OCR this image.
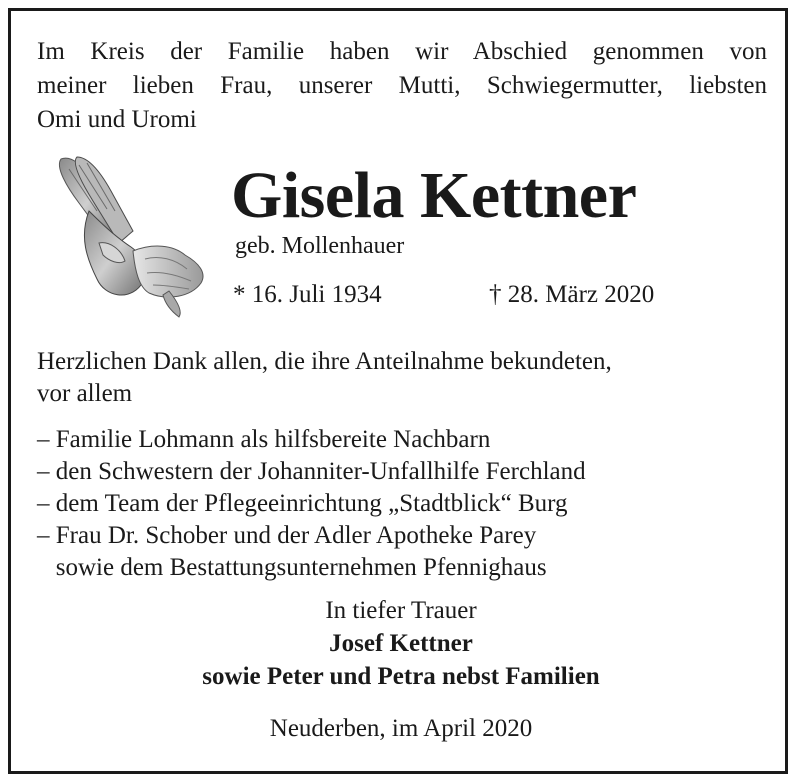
Im Kreis der Familie haben wir Abschied genommen von
meiner lieben Frau, unserer Mutti, Schwiegermutter, liebsten
Omi und Uromi
Gisela Kettner
geb. Mollenhauer
* 16. Juli 1934	† 28. März 2020
Herzlichen Dank allen, die ihre Anteilnahme bekundeten,
vor allem
– Familie Lohmann als hilfsbereite Nachbarn
– den Schwestern der Johanniter-Unfallhilfe Ferchland
– dem Team der Pflegeeinrichtung „Stadtblick“ Burg
– Frau Dr. Schober und der Adler Apotheke Parey
sowie dem Bestattungsunternehmen Pfennighaus
In tiefer Trauer
Josef Kettner
sowie Peter und Petra nebst Familien
Neuderben, im April 2020
